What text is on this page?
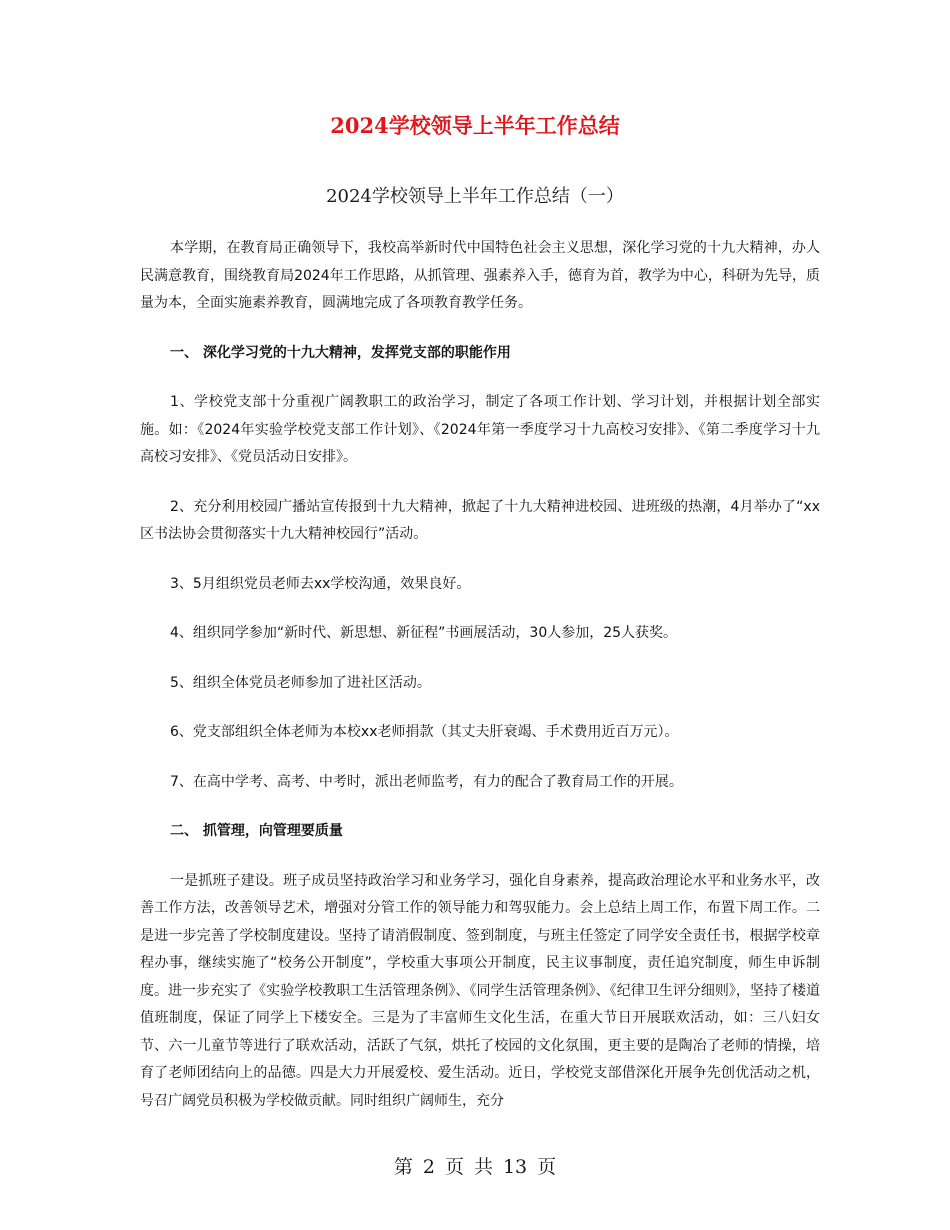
2024学校领导上半年工作总结
2024学校领导上半年工作总结（一）

本学期，在教育局正确领导下，我校高举新时代中国特色社会主义思想，深化学习党的十九大精神，办人民满意教育，围绕教育局2024年工作思路，从抓管理、强素养入手，德育为首，教学为中心，科研为先导，质量为本，全面实施素养教育，圆满地完成了各项教育教学任务。

一、 深化学习党的十九大精神，发挥党支部的职能作用

1、学校党支部十分重视广阔教职工的政治学习，制定了各项工作计划、学习计划，并根据计划全部实施。如：《2024年实验学校党支部工作计划》、《2024年第一季度学习十九高校习安排》、《第二季度学习十九高校习安排》、《党员活动日安排》。

2、充分利用校园广播站宣传报到十九大精神，掀起了十九大精神进校园、进班级的热潮，4月举办了“xx区书法协会贯彻落实十九大精神校园行”活动。

3、5月组织党员老师去xx学校沟通，效果良好。

4、组织同学参加“新时代、新思想、新征程”书画展活动，30人参加，25人获奖。

5、组织全体党员老师参加了进社区活动。

6、党支部组织全体老师为本校xx老师捐款（其丈夫肝衰竭、手术费用近百万元）。

7、在高中学考、高考、中考时，派出老师监考，有力的配合了教育局工作的开展。

二、 抓管理，向管理要质量

一是抓班子建设。班子成员坚持政治学习和业务学习，强化自身素养，提高政治理论水平和业务水平，改善工作方法，改善领导艺术，增强对分管工作的领导能力和驾驭能力。会上总结上周工作，布置下周工作。二是进一步完善了学校制度建设。坚持了请消假制度、签到制度，与班主任签定了同学安全责任书，根据学校章程办事，继续实施了“校务公开制度”，学校重大事项公开制度，民主议事制度，责任追究制度，师生申诉制度。进一步充实了《实验学校教职工生活管理条例》、《同学生活管理条例》、《纪律卫生评分细则》，坚持了楼道值班制度，保证了同学上下楼安全。三是为了丰富师生文化生活，在重大节日开展联欢活动，如：三八妇女节、六一儿童节等进行了联欢活动，活跃了气氛，烘托了校园的文化氛围，更主要的是陶冶了老师的情操，培育了老师团结向上的品德。四是大力开展爱校、爱生活动。近日，学校党支部借深化开展争先创优活动之机，号召广阔党员积极为学校做贡献。同时组织广阔师生，充分

第 2 页 共 13 页
